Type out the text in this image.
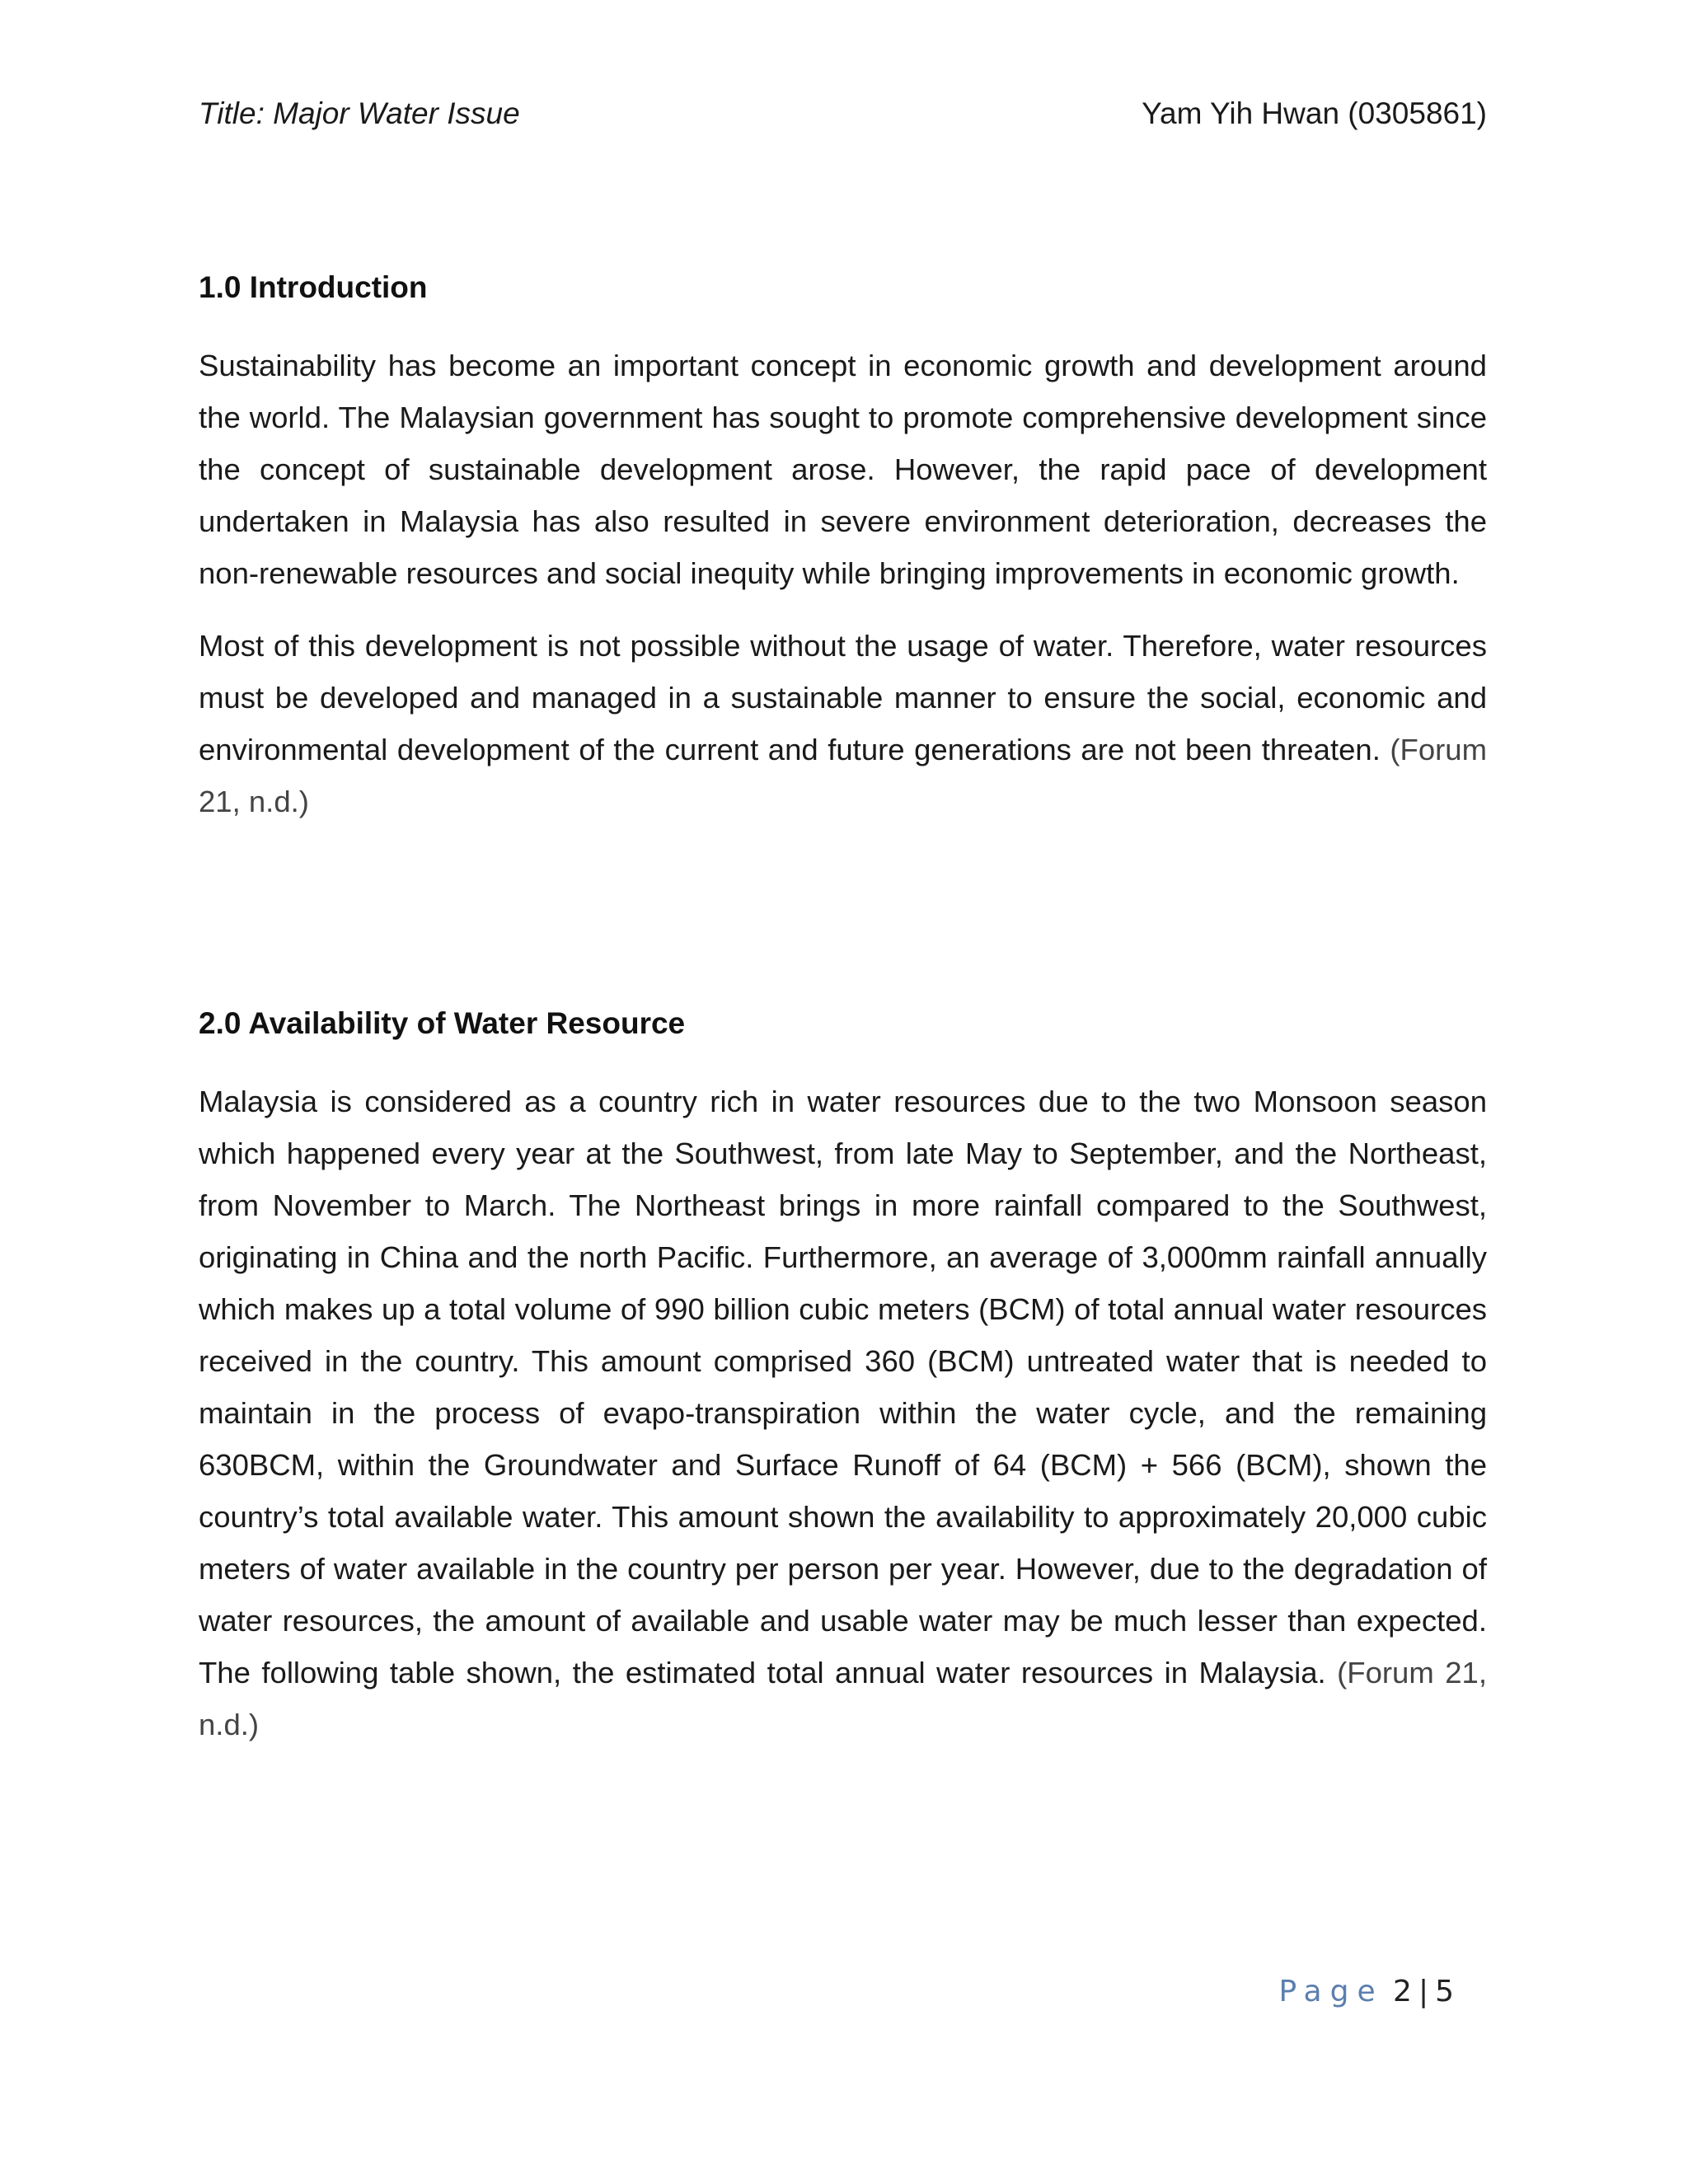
Title: Major Water Issue	Yam Yih Hwan (0305861)
1.0 Introduction
Sustainability has become an important concept in economic growth and development around the world. The Malaysian government has sought to promote comprehensive development since the concept of sustainable development arose. However, the rapid pace of development undertaken in Malaysia has also resulted in severe environment deterioration, decreases the non-renewable resources and social inequity while bringing improvements in economic growth.
Most of this development is not possible without the usage of water. Therefore, water resources must be developed and managed in a sustainable manner to ensure the social, economic and environmental development of the current and future generations are not been threaten. (Forum 21, n.d.)
2.0 Availability of Water Resource
Malaysia is considered as a country rich in water resources due to the two Monsoon season which happened every year at the Southwest, from late May to September, and the Northeast, from November to March. The Northeast brings in more rainfall compared to the Southwest, originating in China and the north Pacific. Furthermore, an average of 3,000mm rainfall annually which makes up a total volume of 990 billion cubic meters (BCM) of total annual water resources received in the country. This amount comprised 360 (BCM) untreated water that is needed to maintain in the process of evapo-transpiration within the water cycle, and the remaining 630BCM, within the Groundwater and Surface Runoff of 64 (BCM) + 566 (BCM), shown the country’s total available water. This amount shown the availability to approximately 20,000 cubic meters of water available in the country per person per year. However, due to the degradation of water resources, the amount of available and usable water may be much lesser than expected. The following table shown, the estimated total annual water resources in Malaysia. (Forum 21, n.d.)
Page 2 | 5
